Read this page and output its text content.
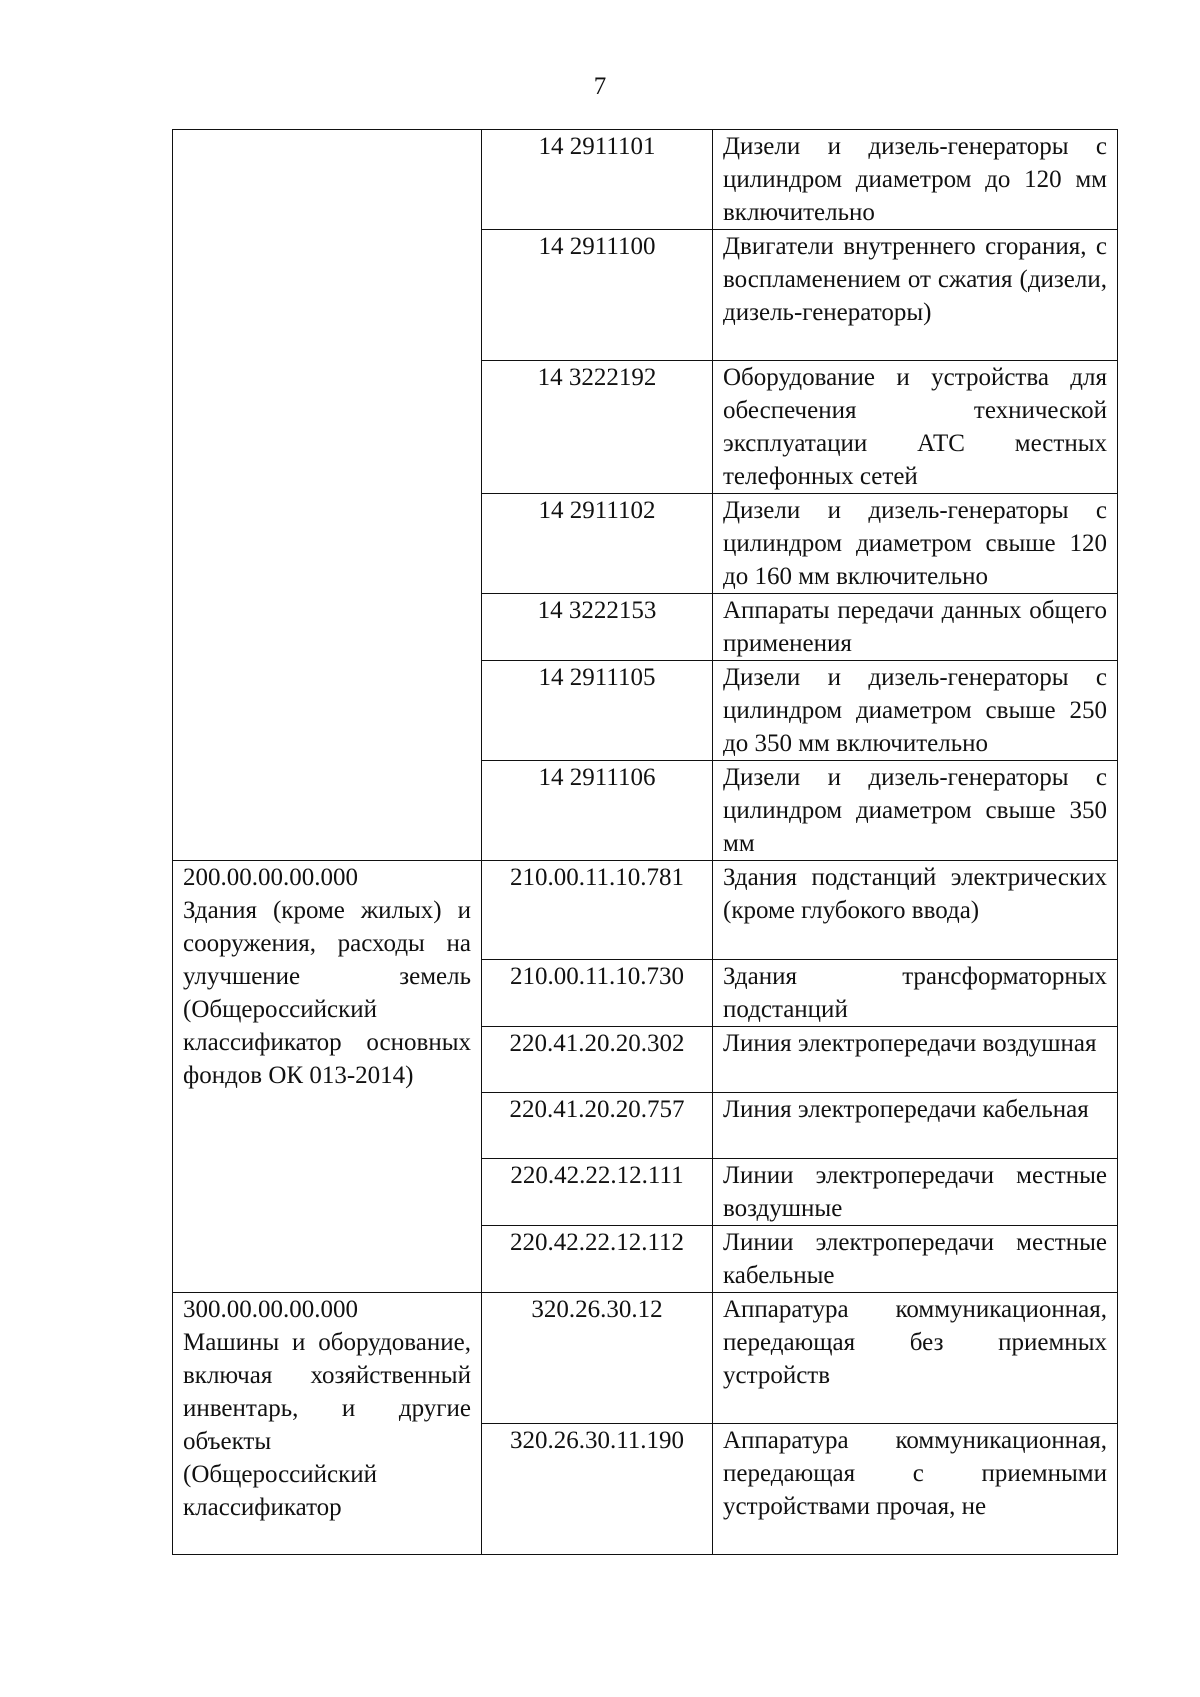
7
	14 2911101	Дизели и дизель-генераторы с цилиндром диаметром до 120 мм включительно
	14 2911100	Двигатели внутреннего сгорания, с воспламенением от сжатия (дизели, дизель-генераторы)
	14 3222192	Оборудование и устройства для обеспечения технической эксплуатации АТС местных телефонных сетей
	14 2911102	Дизели и дизель-генераторы с цилиндром диаметром свыше 120 до 160 мм включительно
	14 3222153	Аппараты передачи данных общего применения
	14 2911105	Дизели и дизель-генераторы с цилиндром диаметром свыше 250 до 350 мм включительно
	14 2911106	Дизели и дизель-генераторы с цилиндром диаметром свыше 350 мм

200.00.00.00.000
Здания (кроме жилых) и сооружения, расходы на улучшение земель (Общероссийский классификатор основных фондов ОК 013-2014)	210.00.11.10.781	Здания подстанций электрических (кроме глубокого ввода)
	210.00.11.10.730	Здания трансформаторных подстанций
	220.41.20.20.302	Линия электропередачи воздушная
	220.41.20.20.757	Линия электропередачи кабельная
	220.42.22.12.111	Линии электропередачи местные воздушные
	220.42.22.12.112	Линии электропередачи местные кабельные

300.00.00.00.000
Машины и оборудование, включая хозяйственный инвентарь, и другие объекты (Общероссийский классификатор	320.26.30.12	Аппаратура коммуникационная, передающая без приемных устройств
	320.26.30.11.190	Аппаратура коммуникационная, передающая с приемными устройствами прочая, не
